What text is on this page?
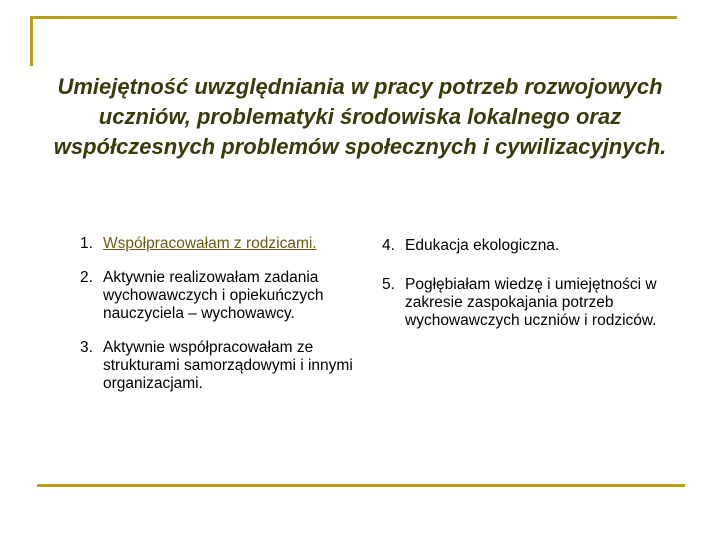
Umiejętność uwzględniania w pracy potrzeb rozwojowych uczniów, problematyki środowiska lokalnego oraz współczesnych problemów społecznych i cywilizacyjnych.
1. Współpracowałam z rodzicami.
2. Aktywnie realizowałam zadania wychowawczych i opiekuńczych nauczyciela – wychowawcy.
3. Aktywnie współpracowałam ze strukturami samorządowymi i innymi organizacjami.
4. Edukacja ekologiczna.
5. Pogłębiałam wiedzę i umiejętności w zakresie zaspokajania potrzeb wychowawczych uczniów i rodziców.
